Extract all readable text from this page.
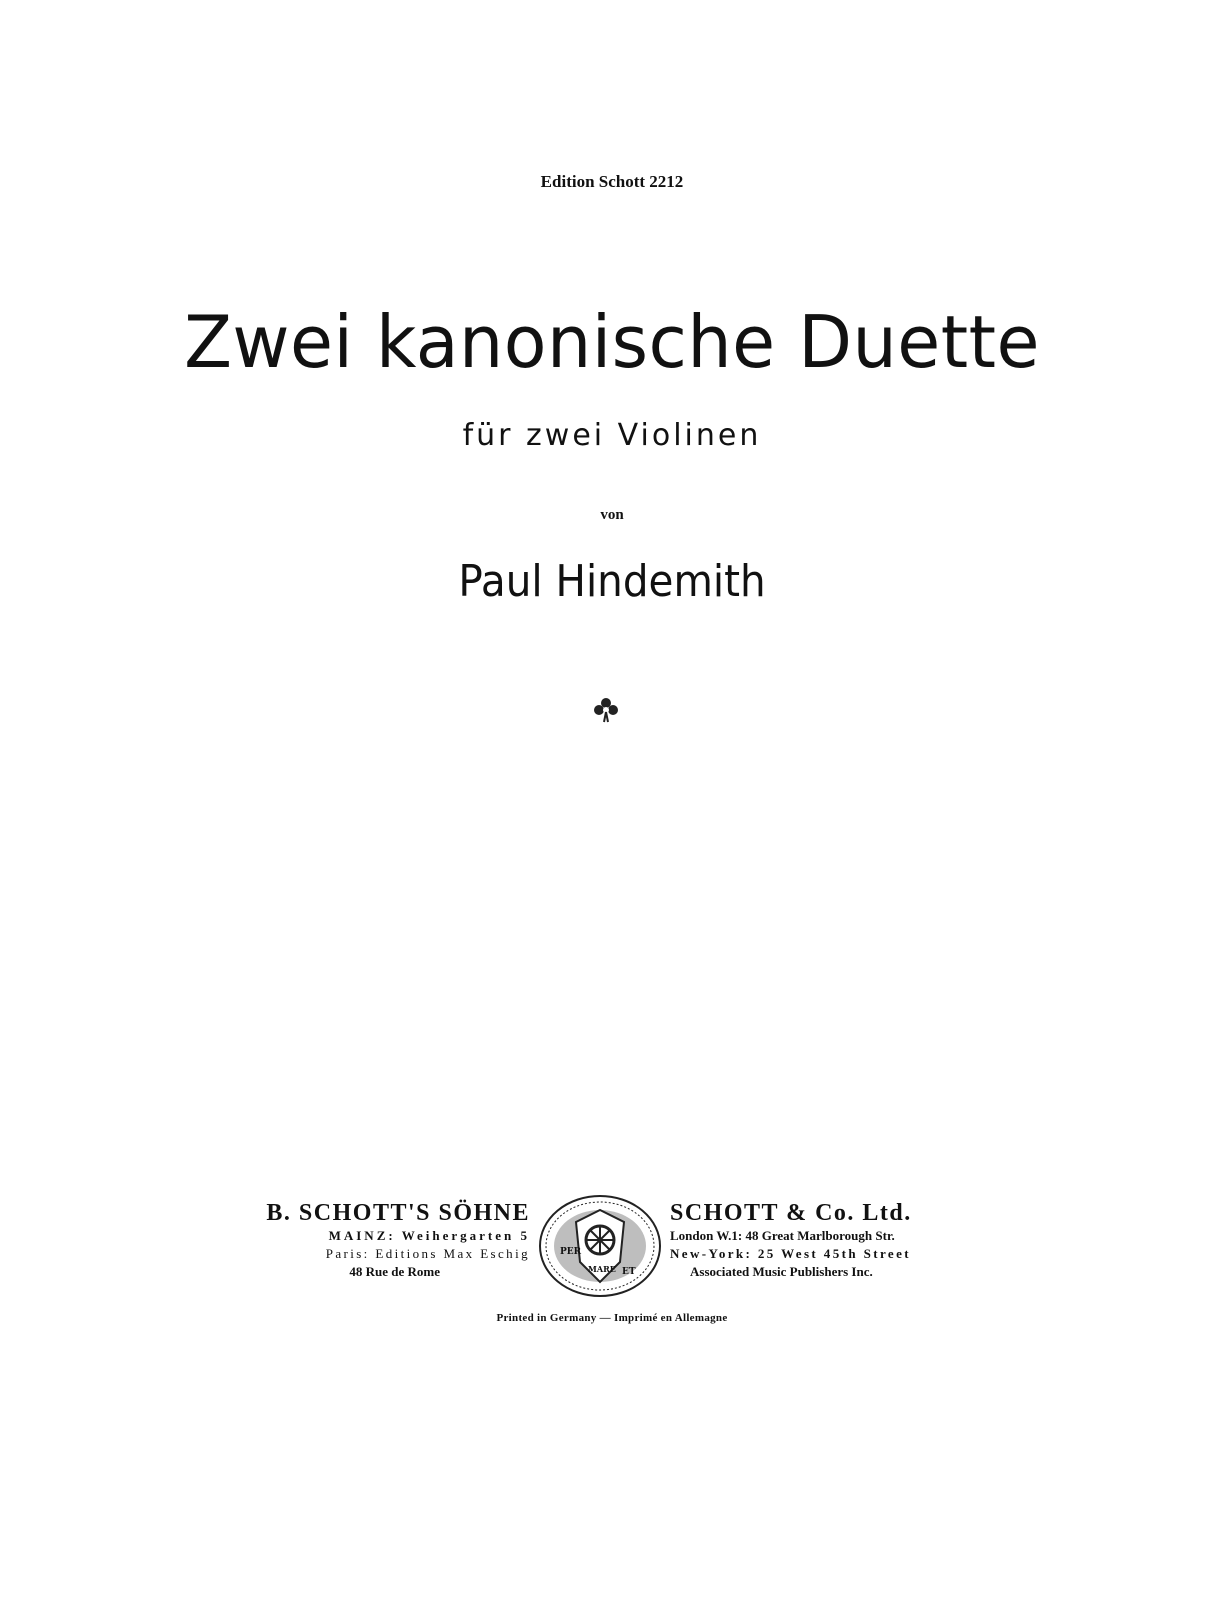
Edition Schott 2212
Zwei kanonische Duette
für zwei Violinen
von
Paul Hindemith
B. SCHOTT'S SÖHNE
MAINZ: Weihergarten 5
Paris: Editions Max Eschig
48 Rue de Rome
PER
MARE ET
SCHOTT & Co. Ltd.
London W.1: 48 Great Marlborough Str.
New-York: 25 West 45th Street
Associated Music Publishers Inc.
Printed in Germany — Imprimé en Allemagne
